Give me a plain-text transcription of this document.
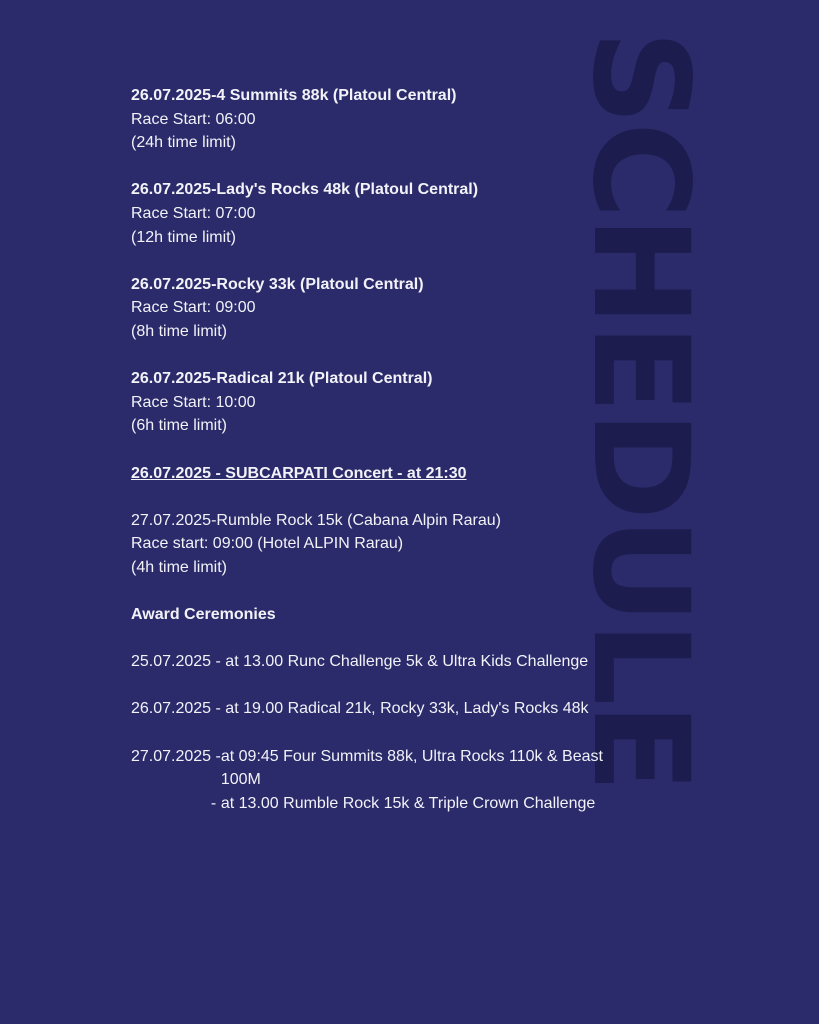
SCHEDULE
26.07.2025-4 Summits 88k (Platoul Central)
Race Start: 06:00
(24h time limit)
26.07.2025-Lady's Rocks 48k (Platoul Central)
Race Start: 07:00
(12h time limit)
26.07.2025-Rocky 33k (Platoul Central)
Race Start: 09:00
(8h time limit)
26.07.2025-Radical 21k (Platoul Central)
Race Start: 10:00
(6h time limit)
26.07.2025 - SUBCARPATI Concert - at 21:30
27.07.2025-Rumble Rock 15k (Cabana Alpin Rarau)
Race start: 09:00 (Hotel ALPIN Rarau)
(4h time limit)
Award Ceremonies
25.07.2025 - at 13.00 Runc Challenge 5k & Ultra Kids Challenge
26.07.2025 - at 19.00 Radical 21k, Rocky 33k, Lady's Rocks 48k
27.07.2025 - at 09:45 Four Summits 88k, Ultra Rocks 110k & Beast 100M
- at 13.00 Rumble Rock 15k & Triple Crown Challenge
